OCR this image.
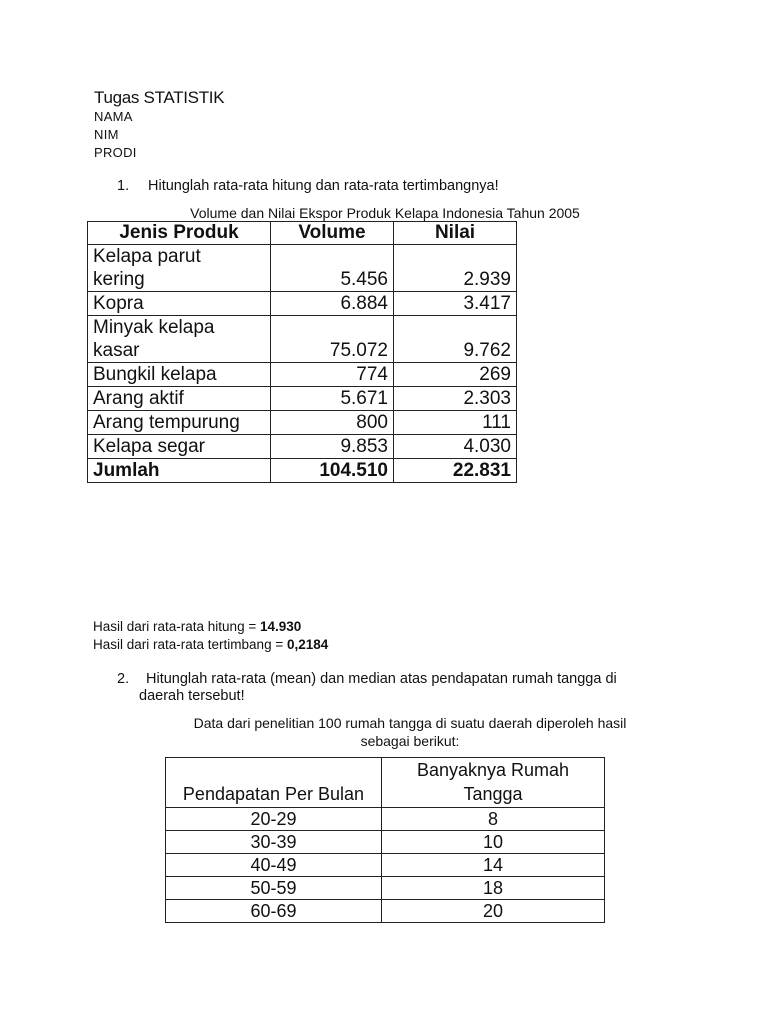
Tugas STATISTIK
NAMA
NIM
PRODI
1. Hitunglah rata-rata hitung dan rata-rata tertimbangnya!
Volume dan Nilai Ekspor Produk Kelapa Indonesia Tahun 2005
Jenis Produk	Volume	Nilai

Kelapa parut
kering	5.456	2.939
Kopra	6.884	3.417

Minyak kelapa
kasar	75.072	9.762
Bungkil kelapa	774	269
Arang aktif	5.671	2.303
Arang tempurung	800	111
Kelapa segar	9.853	4.030
Jumlah	104.510	22.831
Hasil dari rata-rata hitung = 14.930
Hasil dari rata-rata tertimbang = 0,2184
2. Hitunglah rata-rata (mean) dan median atas pendapatan rumah tangga di
daerah tersebut!
Data dari penelitian 100 rumah tangga di suatu daerah diperoleh hasil
sebagai berikut:
Pendapatan Per Bulan	Banyaknya Rumah
Tangga

20-29	8
30-39	10
40-49	14
50-59	18
60-69	20
